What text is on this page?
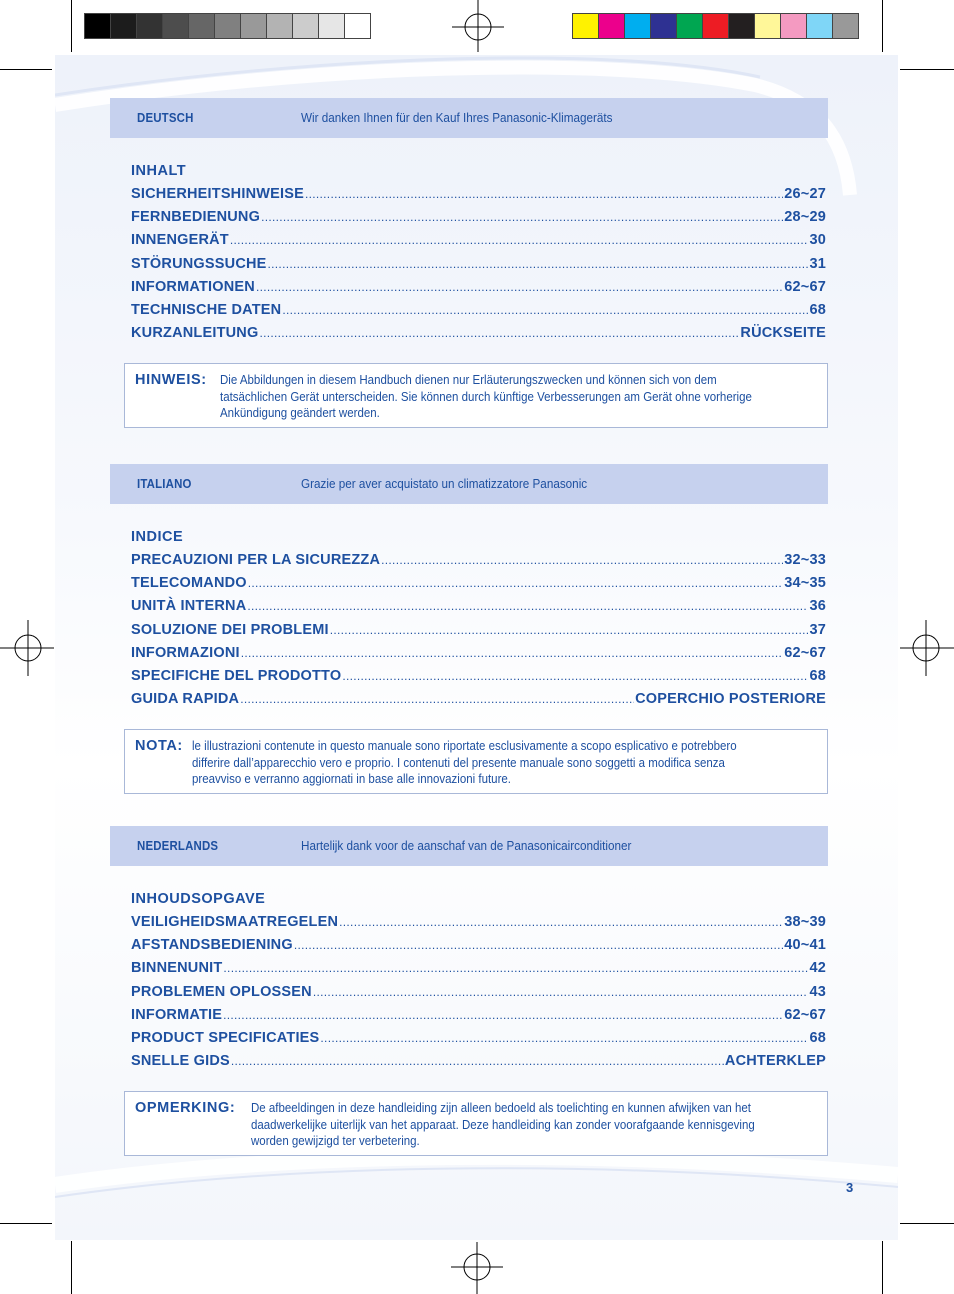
DEUTSCH	Wir danken Ihnen für den Kauf Ihres Panasonic-Klimageräts
INHALT
SICHERHEITSHINWEISE .....	26~27
FERNBEDIENUNG .....	28~29
INNENGERÄT .....	30
STÖRUNGSSUCHE .....	31
INFORMATIONEN .....	62~67
TECHNISCHE DATEN .....	68
KURZANLEITUNG .....	RÜCKSEITE
HINWEIS: Die Abbildungen in diesem Handbuch dienen nur Erläuterungszwecken und können sich von dem tatsächlichen Gerät unterscheiden. Sie können durch künftige Verbesserungen am Gerät ohne vorherige Ankündigung geändert werden.
ITALIANO	Grazie per aver acquistato un climatizzatore Panasonic
INDICE
PRECAUZIONI PER LA SICUREZZA .....	32~33
TELECOMANDO .....	34~35
UNITÀ INTERNA .....	36
SOLUZIONE DEI PROBLEMI .....	37
INFORMAZIONI .....	62~67
SPECIFICHE DEL PRODOTTO .....	68
GUIDA RAPIDA .....	COPERCHIO POSTERIORE
NOTA: le illustrazioni contenute in questo manuale sono riportate esclusivamente a scopo esplicativo e potrebbero differire dall’apparecchio vero e proprio. I contenuti del presente manuale sono soggetti a modifica senza preavviso e verranno aggiornati in base alle innovazioni future.
NEDERLANDS	Hartelijk dank voor de aanschaf van de Panasonicairconditioner
INHOUDSOPGAVE
VEILIGHEIDSMAATREGELEN .....	38~39
AFSTANDSBEDIENING .....	40~41
BINNENUNIT .....	42
PROBLEMEN OPLOSSEN .....	43
INFORMATIE .....	62~67
PRODUCT SPECIFICATIES .....	68
SNELLE GIDS .....	ACHTERKLEP
OPMERKING: De afbeeldingen in deze handleiding zijn alleen bedoeld als toelichting en kunnen afwijken van het daadwerkelijke uiterlijk van het apparaat. Deze handleiding kan zonder voorafgaande kennisgeving worden gewijzigd ter verbetering.
3
